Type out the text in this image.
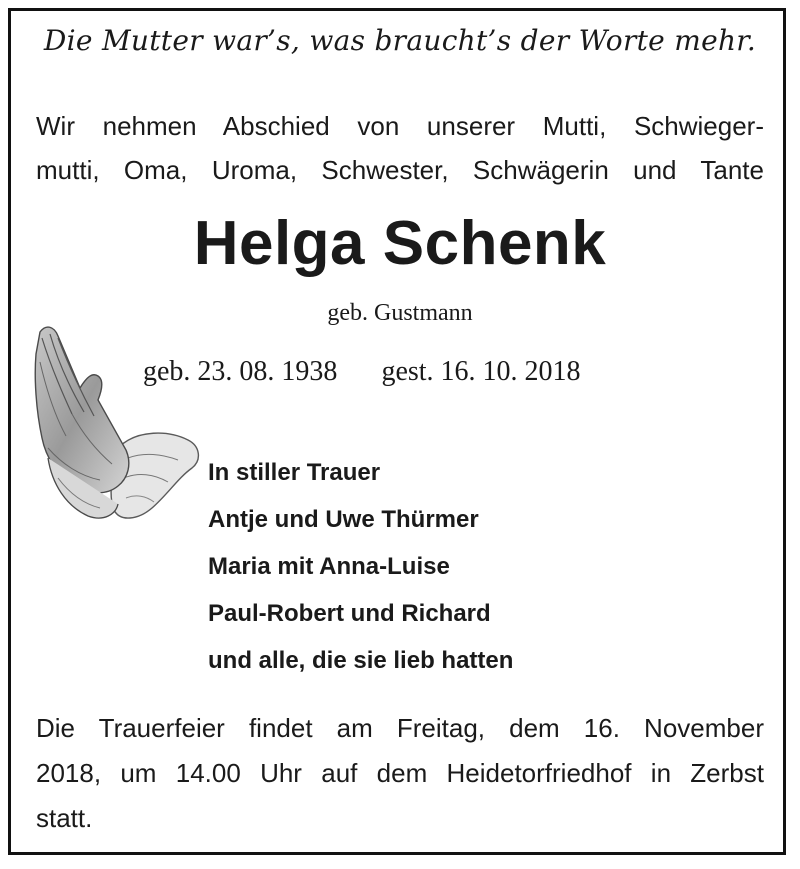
Die Mutter war’s, was braucht’s der Worte mehr.
Wir nehmen Abschied von unserer Mutti, Schwieger-
mutti, Oma, Uroma, Schwester, Schwägerin und Tante
Helga Schenk
geb. Gustmann
geb. 23. 08. 1938 gest. 16. 10. 2018
In stiller Trauer
Antje und Uwe Thürmer
Maria mit Anna-Luise
Paul-Robert und Richard
und alle, die sie lieb hatten
Die Trauerfeier findet am Freitag, dem 16. November
2018, um 14.00 Uhr auf dem Heidetorfriedhof in Zerbst
statt.
